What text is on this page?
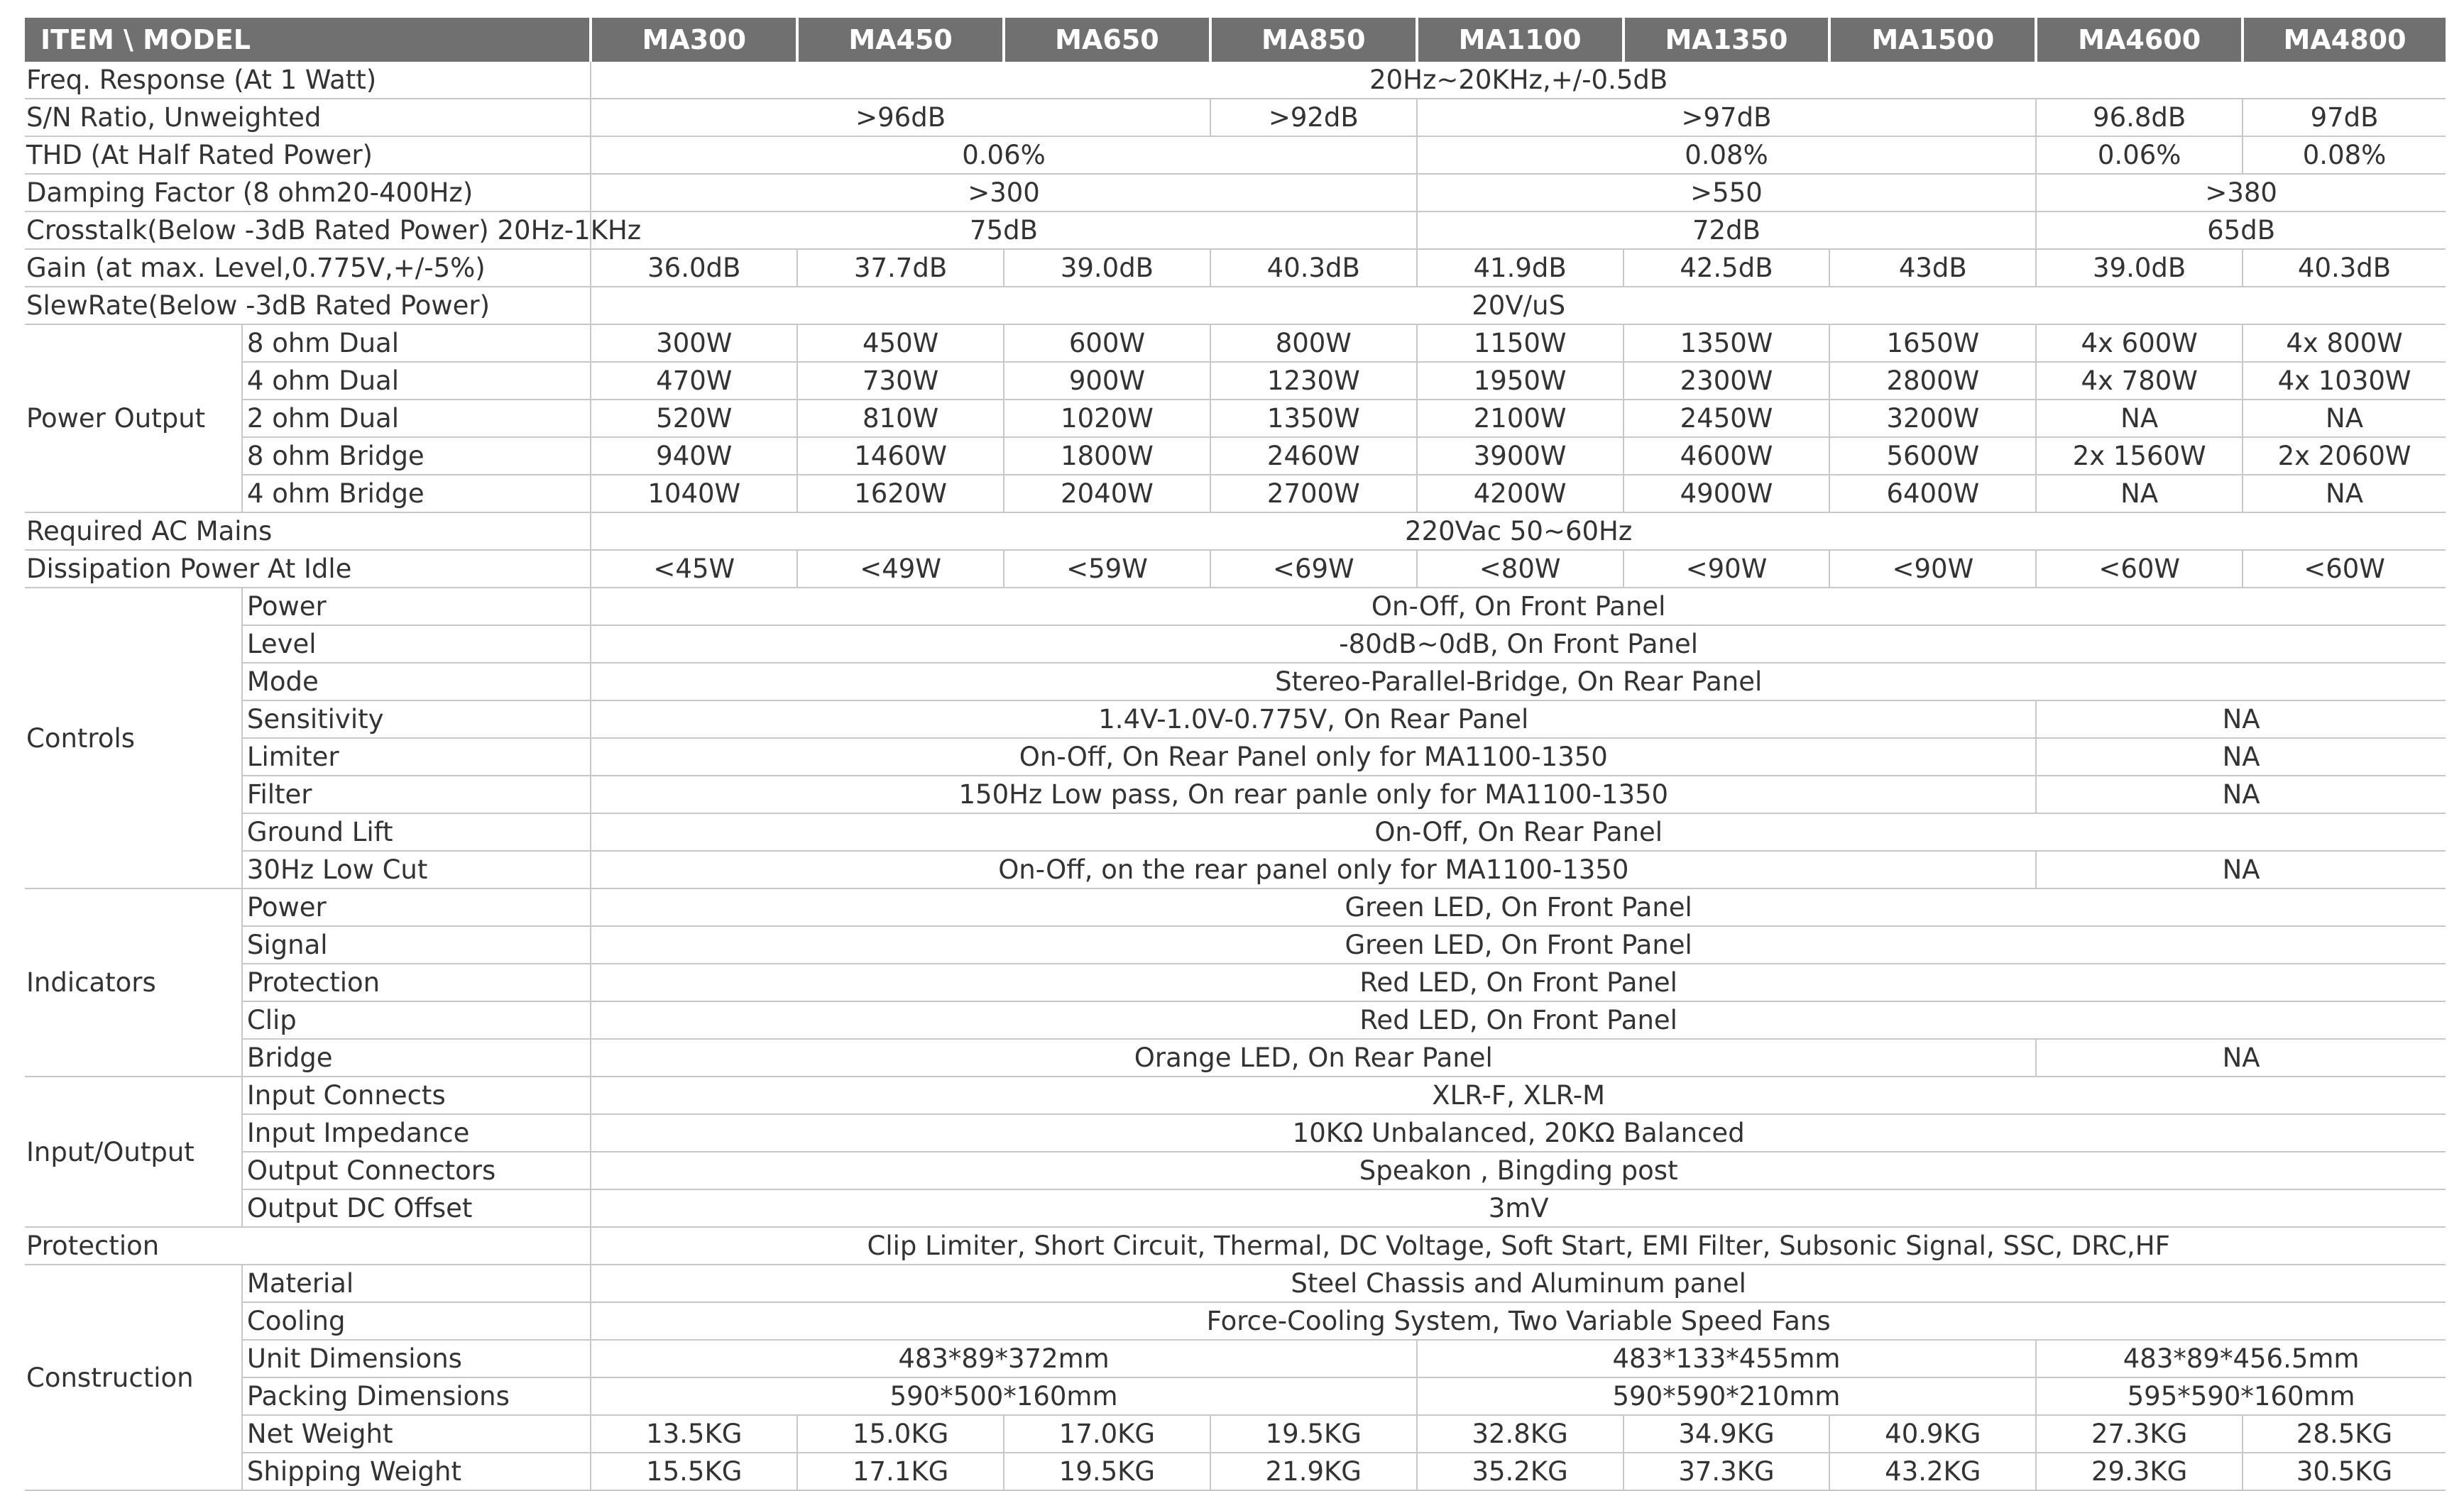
ITEM \ MODEL		MA300	MA450	MA650	MA850	MA1100	MA1350	MA1500	MA4600	MA4800
Freq. Response (At 1 Watt)		20Hz~20KHz,+/-0.5dB								
S/N Ratio, Unweighted		>96dB			>92dB	>97dB			96.8dB	97dB
THD (At Half Rated Power)		0.06%				0.08%			0.06%	0.08%
Damping Factor (8 ohm20-400Hz)		>300				>550			>380	
Crosstalk(Below -3dB Rated Power) 20Hz-1KHz		75dB				72dB			65dB	
Gain (at max. Level,0.775V,+/-5%)		36.0dB	37.7dB	39.0dB	40.3dB	41.9dB	42.5dB	43dB	39.0dB	40.3dB
SlewRate(Below -3dB Rated Power)		20V/uS								
Power Output	8 ohm Dual	300W	450W	600W	800W	1150W	1350W	1650W	4x 600W	4x 800W
	4 ohm Dual	470W	730W	900W	1230W	1950W	2300W	2800W	4x 780W	4x 1030W
	2 ohm Dual	520W	810W	1020W	1350W	2100W	2450W	3200W	NA	NA
	8 ohm Bridge	940W	1460W	1800W	2460W	3900W	4600W	5600W	2x 1560W	2x 2060W
	4 ohm Bridge	1040W	1620W	2040W	2700W	4200W	4900W	6400W	NA	NA
Required AC Mains		220Vac 50~60Hz								
Dissipation Power At Idle		<45W	<49W	<59W	<69W	<80W	<90W	<90W	<60W	<60W
Controls	Power	On-Off, On Front Panel								
	Level	-80dB~0dB, On Front Panel								
	Mode	Stereo-Parallel-Bridge, On Rear Panel								
	Sensitivity	1.4V-1.0V-0.775V, On Rear Panel							NA	
	Limiter	On-Off, On Rear Panel only for MA1100-1350							NA	
	Filter	150Hz Low pass, On rear panle only for MA1100-1350							NA	
	Ground Lift	On-Off, On Rear Panel								
	30Hz Low Cut	On-Off, on the rear panel only for MA1100-1350							NA	
Indicators	Power	Green LED, On Front Panel								
	Signal	Green LED, On Front Panel								
	Protection	Red LED, On Front Panel								
	Clip	Red LED, On Front Panel								
	Bridge	Orange LED, On Rear Panel							NA	
Input/Output	Input Connects	XLR-F, XLR-M								
	Input Impedance	10KΩ Unbalanced, 20KΩ Balanced								
	Output Connectors	Speakon , Bingding post								
	Output DC Offset	3mV								
Protection		Clip Limiter, Short Circuit, Thermal, DC Voltage, Soft Start, EMI Filter, Subsonic Signal, SSC, DRC,HF								
Construction	Material	Steel Chassis and Aluminum panel								
	Cooling	Force-Cooling System, Two Variable Speed Fans								
	Unit Dimensions	483*89*372mm				483*133*455mm			483*89*456.5mm	
	Packing Dimensions	590*500*160mm				590*590*210mm			595*590*160mm	
	Net Weight	13.5KG	15.0KG	17.0KG	19.5KG	32.8KG	34.9KG	40.9KG	27.3KG	28.5KG
	Shipping Weight	15.5KG	17.1KG	19.5KG	21.9KG	35.2KG	37.3KG	43.2KG	29.3KG	30.5KG
